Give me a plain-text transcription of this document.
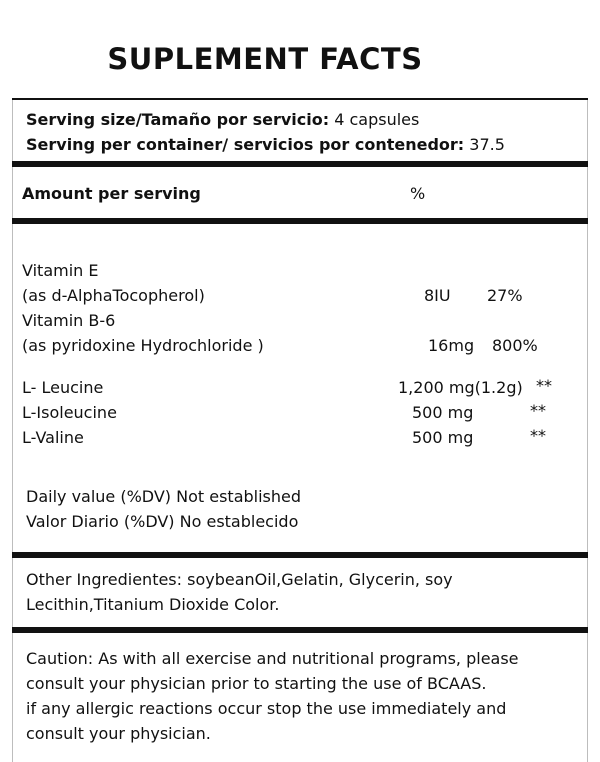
SUPLEMENT FACTS
Serving size/Tamaño por servicio: 4 capsules
Serving per container/ servicios por contenedor: 37.5
Amount per serving	%
Vitamin E
(as d-AlphaTocopherol)	8IU 27%
Vitamin B-6
(as pyridoxine Hydrochloride )	16mg 800%
L- Leucine	1,200 mg(1.2g) **
L-Isoleucine	500 mg	**
L-Valine	500 mg	**
Daily value (%DV) Not established
Valor Diario (%DV) No establecido
Other Ingredientes: soybeanOil,Gelatin, Glycerin, soy
Lecithin,Titanium Dioxide Color.
Caution: As with all exercise and nutritional programs, please
consult your physician prior to starting the use of BCAAS.
if any allergic reactions occur stop the use immediately and
consult your physician.
